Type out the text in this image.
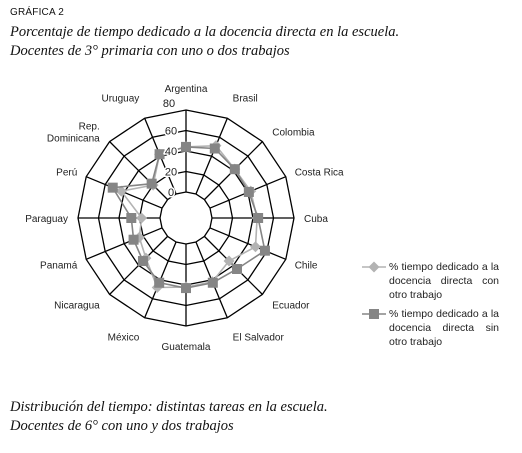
GRÁFICA 2
Porcentaje de tiempo dedicado a la docencia directa en la escuela.
Docentes de 3° primaria con uno o dos trabajos
0
20
40
60
80
Argentina
Brasil
Colombia
Costa Rica
Cuba
Chile
Ecuador
El Salvador
Guatemala
México
Nicaragua
Panamá
Paraguay
Perú
Rep. Dominicana
Uruguay
% tiempo dedicado a la docencia directa con otro trabajo
% tiempo dedicado a la docencia directa sin otro trabajo
Distribución del tiempo: distintas tareas en la escuela.
Docentes de 6° con uno y dos trabajos
